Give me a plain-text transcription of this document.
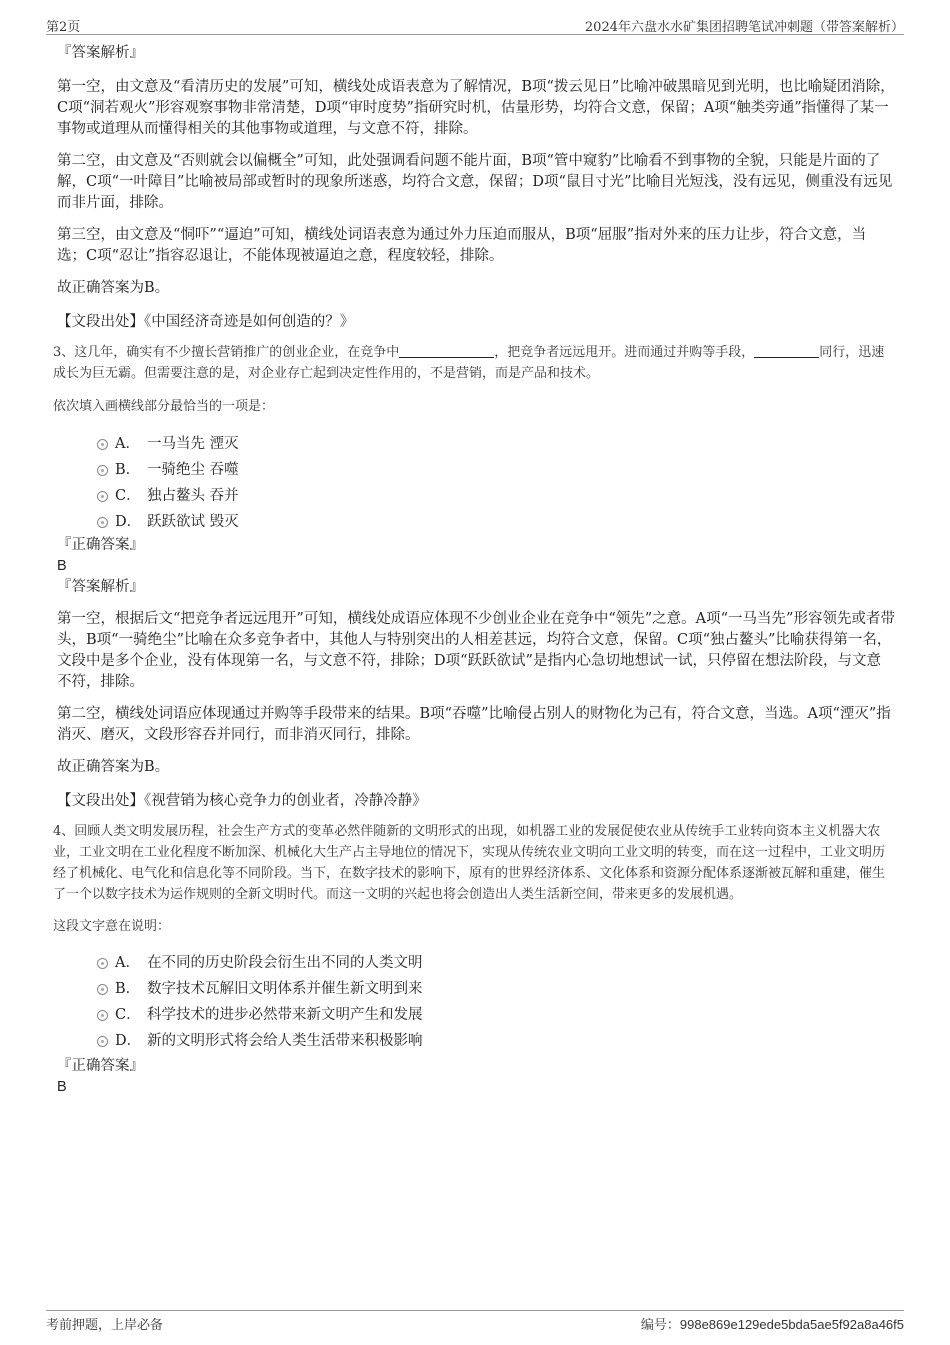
第2页	2024年六盘水水矿集团招聘笔试冲刺题（带答案解析）
『答案解析』

第一空，由文意及“看清历史的发展”可知，横线处成语表意为了解情况，B项“拨云见日”比喻冲破黑暗见到光明，也比喻疑团消除，C项“洞若观火”形容观察事物非常清楚，D项“审时度势”指研究时机，估量形势，均符合文意，保留；A项“触类旁通”指懂得了某一事物或道理从而懂得相关的其他事物或道理，与文意不符，排除。

第二空，由文意及“否则就会以偏概全”可知，此处强调看问题不能片面，B项“管中窥豹”比喻看不到事物的全貌，只能是片面的了解，C项“一叶障目”比喻被局部或暂时的现象所迷惑，均符合文意，保留；D项“鼠目寸光”比喻目光短浅，没有远见，侧重没有远见而非片面，排除。

第三空，由文意及“恫吓”“逼迫”可知，横线处词语表意为通过外力压迫而服从，B项“屈服”指对外来的压力让步，符合文意，当选；C项“忍让”指容忍退让，不能体现被逼迫之意，程度较轻，排除。

故正确答案为B。

【文段出处】《中国经济奇迹是如何创造的？》

3、这几年，确实有不少擅长营销推广的创业企业，在竞争中	，把竞争者远远甩开。进而通过并购等手段，	同行，迅速成长为巨无霸。但需要注意的是，对企业存亡起到决定性作用的，不是营销，而是产品和技术。

依次填入画横线部分最恰当的一项是：

A． 一马当先 湮灭
B． 一骑绝尘 吞噬
C． 独占鳌头 吞并
D． 跃跃欲试 毁灭
『正确答案』
B
『答案解析』

第一空，根据后文“把竞争者远远甩开”可知，横线处成语应体现不少创业企业在竞争中“领先”之意。A项“一马当先”形容领先或者带头，B项“一骑绝尘”比喻在众多竞争者中，其他人与特别突出的人相差甚远，均符合文意，保留。C项“独占鳌头”比喻获得第一名，文段中是多个企业，没有体现第一名，与文意不符，排除；D项“跃跃欲试”是指内心急切地想试一试，只停留在想法阶段，与文意不符，排除。

第二空，横线处词语应体现通过并购等手段带来的结果。B项“吞噬”比喻侵占别人的财物化为己有，符合文意，当选。A项“湮灭”指消灭、磨灭，文段形容吞并同行，而非消灭同行，排除。

故正确答案为B。

【文段出处】《视营销为核心竞争力的创业者，冷静冷静》

4、回顾人类文明发展历程，社会生产方式的变革必然伴随新的文明形式的出现，如机器工业的发展促使农业从传统手工业转向资本主义机器大农业，工业文明在工业化程度不断加深、机械化大生产占主导地位的情况下，实现从传统农业文明向工业文明的转变，而在这一过程中，工业文明历经了机械化、电气化和信息化等不同阶段。当下，在数字技术的影响下，原有的世界经济体系、文化体系和资源分配体系逐渐被瓦解和重建，催生了一个以数字技术为运作规则的全新文明时代。而这一文明的兴起也将会创造出人类生活新空间，带来更多的发展机遇。

这段文字意在说明：

A． 在不同的历史阶段会衍生出不同的人类文明
B． 数字技术瓦解旧文明体系并催生新文明到来
C． 科学技术的进步必然带来新文明产生和发展
D． 新的文明形式将会给人类生活带来积极影响
『正确答案』
B
考前押题，上岸必备	编号：998e869e129ede5bda5ae5f92a8a46f5
